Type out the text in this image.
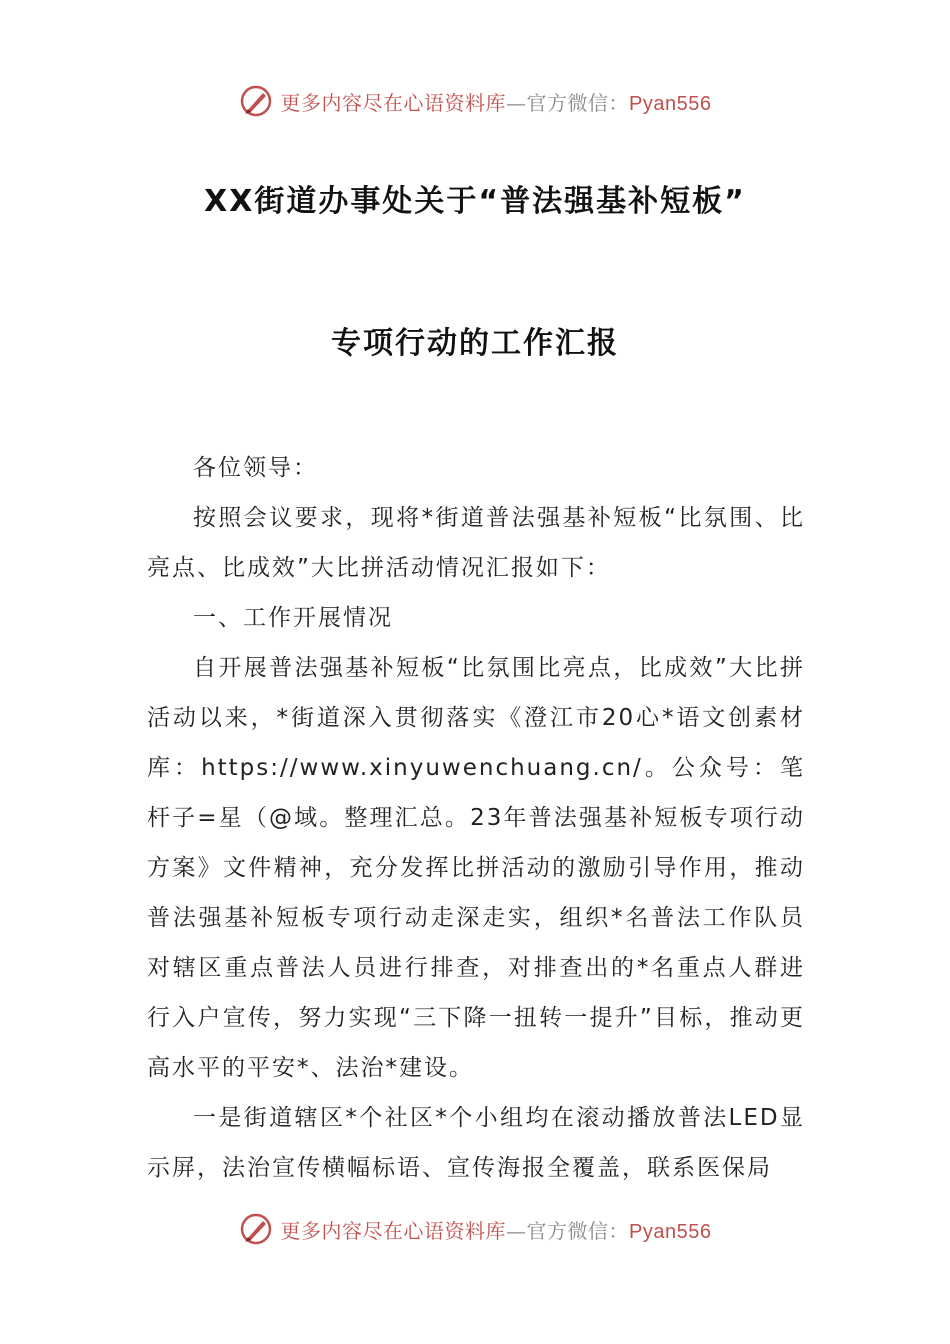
更多内容尽在心语资料库—官方微信：Pyan556
XX街道办事处关于“普法强基补短板”
专项行动的工作汇报

各位领导：

按照会议要求，现将*街道普法强基补短板“比氛围、比亮点、比成效”大比拼活动情况汇报如下：

一、工作开展情况

自开展普法强基补短板“比氛围比亮点，比成效”大比拼活动以来，*街道深入贯彻落实《澄江市20心*语文创素材库：https://www.xinyuwenchuang.cn/。公众号：笔杆子=星（@域。整理汇总。23年普法强基补短板专项行动方案》文件精神，充分发挥比拼活动的激励引导作用，推动普法强基补短板专项行动走深走实，组织*名普法工作队员对辖区重点普法人员进行排查，对排查出的*名重点人群进行入户宣传，努力实现“三下降一扭转一提升”目标，推动更高水平的平安*、法治*建设。

一是街道辖区*个社区*个小组均在滚动播放普法LED显示屏，法治宣传横幅标语、宣传海报全覆盖，联系医保局

更多内容尽在心语资料库—官方微信：Pyan556
